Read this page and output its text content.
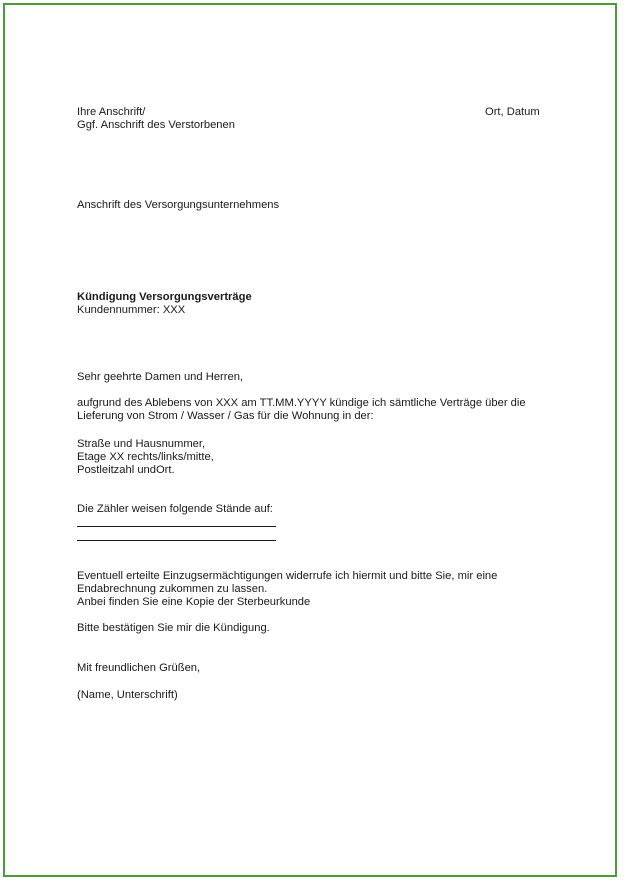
Ihre Anschrift/
Ggf. Anschrift des Verstorbenen
Ort, Datum
Anschrift des Versorgungsunternehmens
Kündigung Versorgungsverträge
Kundennummer: XXX
Sehr geehrte Damen und Herren,
aufgrund des Ablebens von XXX am TT.MM.YYYY kündige ich sämtliche Verträge über die
Lieferung von Strom / Wasser / Gas für die Wohnung in der:
Straße und Hausnummer,
Etage XX rechts/links/mitte,
Postleitzahl undOrt.
Die Zähler weisen folgende Stände auf:
Eventuell erteilte Einzugsermächtigungen widerrufe ich hiermit und bitte Sie, mir eine
Endabrechnung zukommen zu lassen.
Anbei finden Sie eine Kopie der Sterbeurkunde
Bitte bestätigen Sie mir die Kündigung.
Mit freundlichen Grüßen,
(Name, Unterschrift)
